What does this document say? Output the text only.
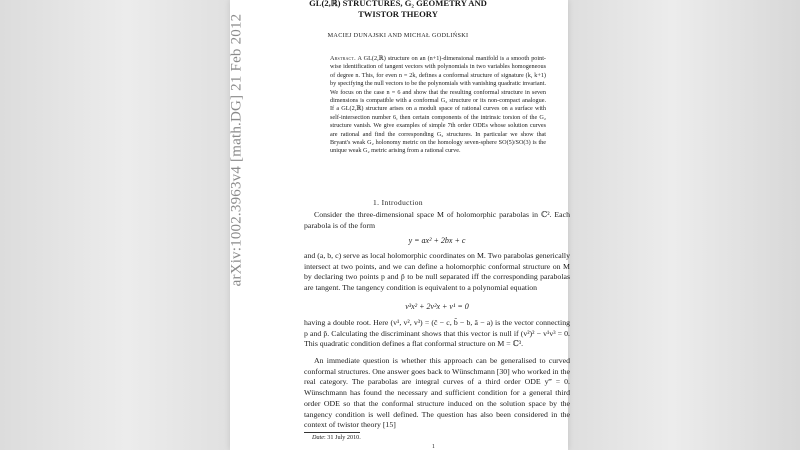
arXiv:1002.3963v4 [math.DG] 21 Feb 2012
GL(2,ℝ) STRUCTURES, G₂ GEOMETRY AND TWISTOR THEORY
MACIEJ DUNAJSKI AND MICHAŁ GODLIŃSKI
Abstract. A GL(2,ℝ) structure on an (n+1)-dimensional manifold is a smooth point-wise identification of tangent vectors with polynomials in two variables homogeneous of degree n. This, for even n = 2k, defines a conformal structure of signature (k, k+1) by specifying the null vectors to be the polynomials with vanishing quadratic invariant. We focus on the case n = 6 and show that the resulting conformal structure in seven dimensions is compatible with a conformal G₂ structure or its non-compact analogue. If a GL(2,ℝ) structure arises on a moduli space of rational curves on a surface with self-intersection number 6, then certain components of the intrinsic torsion of the G₂ structure vanish. We give examples of simple 7th order ODEs whose solution curves are rational and find the corresponding G₂ structures. In particular we show that Bryant's weak G₂ holonomy metric on the homology seven-sphere SO(5)/SO(3) is the unique weak G₂ metric arising from a rational curve.
1. Introduction
Consider the three-dimensional space M of holomorphic parabolas in ℂ². Each parabola is of the form
y = ax² + 2bx + c
and (a, b, c) serve as local holomorphic coordinates on M. Two parabolas generically intersect at two points, and we can define a holomorphic conformal structure on M by declaring two points p and p̂ to be null separated iff the corresponding parabolas are tangent. The tangency condition is equivalent to a polynomial equation
v³x² + 2v²x + v¹ = 0
having a double root. Here (v¹, v², v³) = (ĉ − c, b̂ − b, â − a) is the vector connecting p and p̂. Calculating the discriminant shows that this vector is null if (v²)² − v¹v³ = 0. This quadratic condition defines a flat conformal structure on M = ℂ³.
An immediate question is whether this approach can be generalised to curved conformal structures. One answer goes back to Wünschmann [30] who worked in the real category. The parabolas are integral curves of a third order ODE y‴ = 0. Wünschmann has found the necessary and sufficient condition for a general third order ODE so that the conformal structure induced on the solution space by the tangency condition is well defined. The question has also been considered in the context of twistor theory [15]
Date: 31 July 2010.
1
